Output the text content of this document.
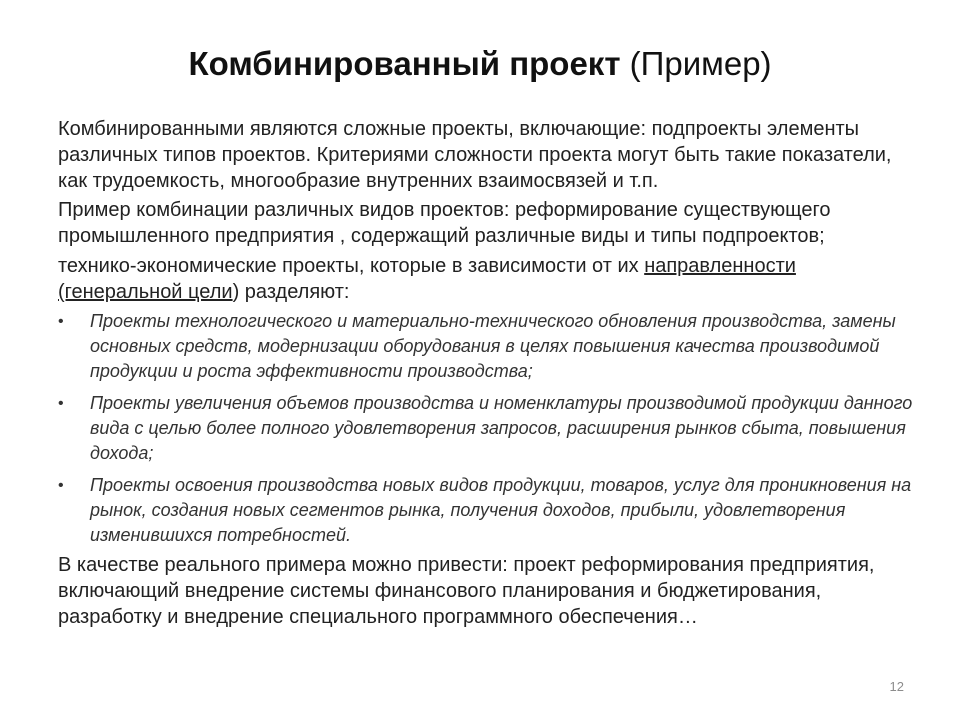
Комбинированный проект (Пример)

Комбинированными являются сложные проекты, включающие: подпроекты элементы различных типов проектов. Критериями сложности проекта могут быть такие показатели, как трудоемкость, многообразие внутренних взаимосвязей и т.п.

Пример комбинации различных видов проектов: реформирование существующего промышленного предприятия , содержащий различные виды и типы подпроектов;

технико-экономические проекты, которые в зависимости от их направленности (генеральной цели) разделяют:

• Проекты технологического и материально-технического обновления производства, замены основных средств, модернизации оборудования в целях повышения качества производимой продукции и роста эффективности производства;
• Проекты увеличения объемов производства и номенклатуры производимой продукции данного вида с целью более полного удовлетворения запросов, расширения рынков сбыта, повышения дохода;
• Проекты освоения производства новых видов продукции, товаров, услуг для проникновения на рынок, создания новых сегментов рынка, получения доходов, прибыли, удовлетворения изменившихся потребностей.

В качестве реального примера можно привести: проект реформирования предприятия, включающий внедрение системы финансового планирования и бюджетирования, разработку и внедрение специального программного обеспечения…

12
